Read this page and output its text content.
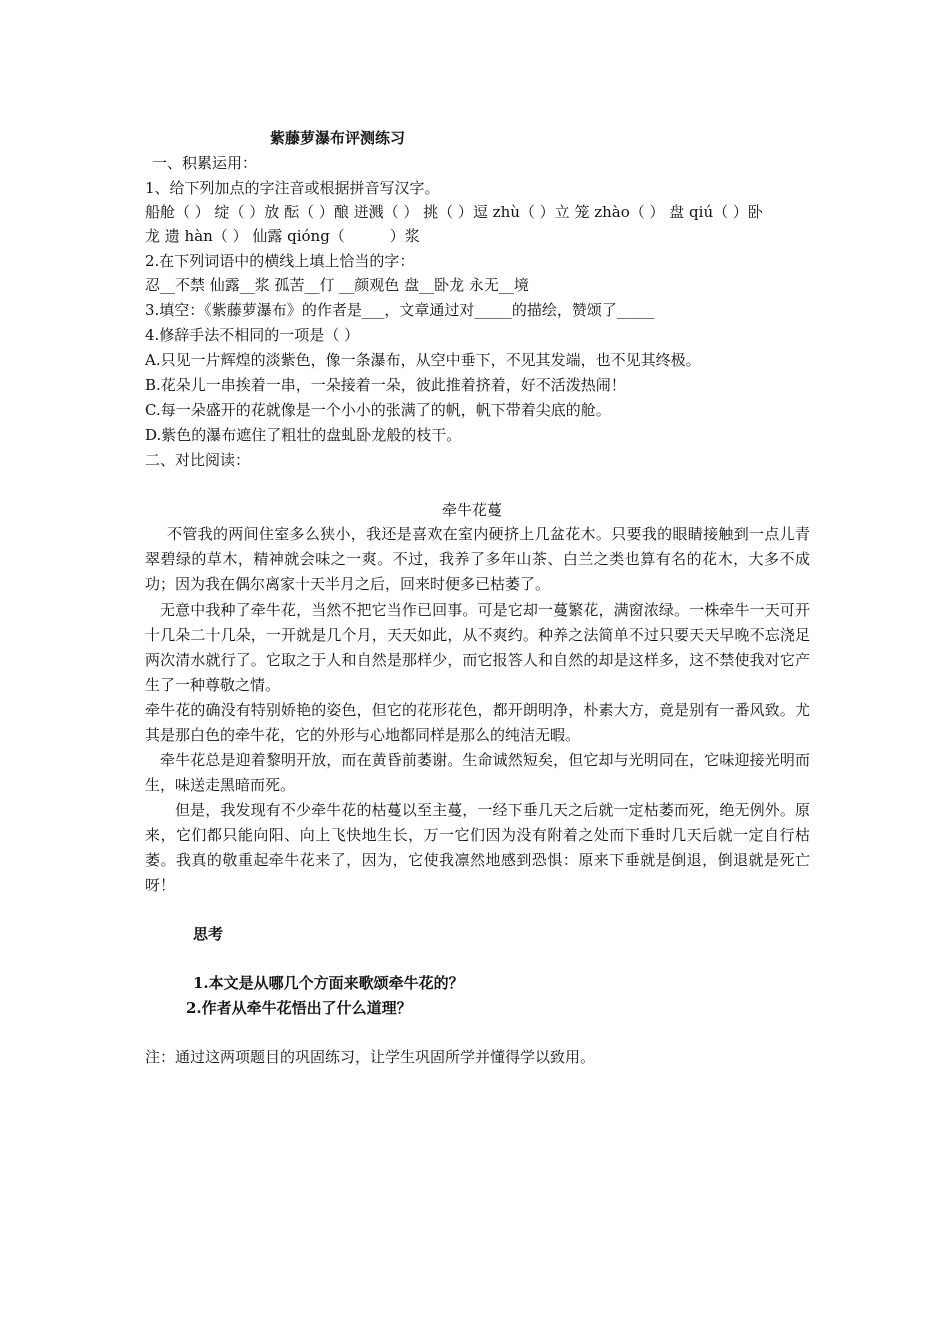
紫藤萝瀑布评测练习
一、积累运用：
1、给下列加点的字注音或根据拼音写汉字。
船舱（ ） 绽（ ）放 酝（ ）酿 迸溅（ ） 挑（ ）逗 zhù（ ）立 笼 zhào（ ） 盘 qiú（ ）卧
龙 遗 hàn（ ） 仙露 qióng（　　　）浆
2.在下列词语中的横线上填上恰当的字：
忍__不禁 仙露__浆 孤苦__仃 __颜观色 盘__卧龙 永无__境
3.填空：《紫藤萝瀑布》的作者是___，文章通过对_____的描绘，赞颂了_____
4.修辞手法不相同的一项是（ ）
A.只见一片辉煌的淡紫色，像一条瀑布，从空中垂下，不见其发端，也不见其终极。
B.花朵儿一串挨着一串，一朵接着一朵，彼此推着挤着，好不活泼热闹！
C.每一朵盛开的花就像是一个小小的张满了的帆，帆下带着尖底的舱。
D.紫色的瀑布遮住了粗壮的盘虬卧龙般的枝干。
二、对比阅读：
牵牛花蔓
不管我的两间住室多么狭小，我还是喜欢在室内硬挤上几盆花木。只要我的眼睛接触到一点儿青翠碧绿的草木，精神就会味之一爽。不过，我养了多年山茶、白兰之类也算有名的花木，大多不成功；因为我在偶尔离家十天半月之后，回来时便多已枯萎了。
无意中我种了牵牛花，当然不把它当作已回事。可是它却一蔓繁花，满窗浓绿。一株牵牛一天可开十几朵二十几朵，一开就是几个月，天天如此，从不爽约。种养之法简单不过只要天天早晚不忘浇足两次清水就行了。它取之于人和自然是那样少，而它报答人和自然的却是这样多，这不禁使我对它产生了一种尊敬之情。
牵牛花的确没有特别娇艳的姿色，但它的花形花色，都开朗明净，朴素大方，竟是别有一番风致。尤其是那白色的牵牛花，它的外形与心地都同样是那么的纯洁无暇。
牵牛花总是迎着黎明开放，而在黄昏前萎谢。生命诚然短矣，但它却与光明同在，它味迎接光明而生，味送走黑暗而死。
但是，我发现有不少牵牛花的枯蔓以至主蔓，一经下垂几天之后就一定枯萎而死，绝无例外。原来，它们都只能向阳、向上飞快地生长，万一它们因为没有附着之处而下垂时几天后就一定自行枯萎。我真的敬重起牵牛花来了，因为，它使我凛然地感到恐惧：原来下垂就是倒退，倒退就是死亡呀！
思考
1.本文是从哪几个方面来歌颂牵牛花的？
2.作者从牵牛花悟出了什么道理？
注：通过这两项题目的巩固练习，让学生巩固所学并懂得学以致用。
